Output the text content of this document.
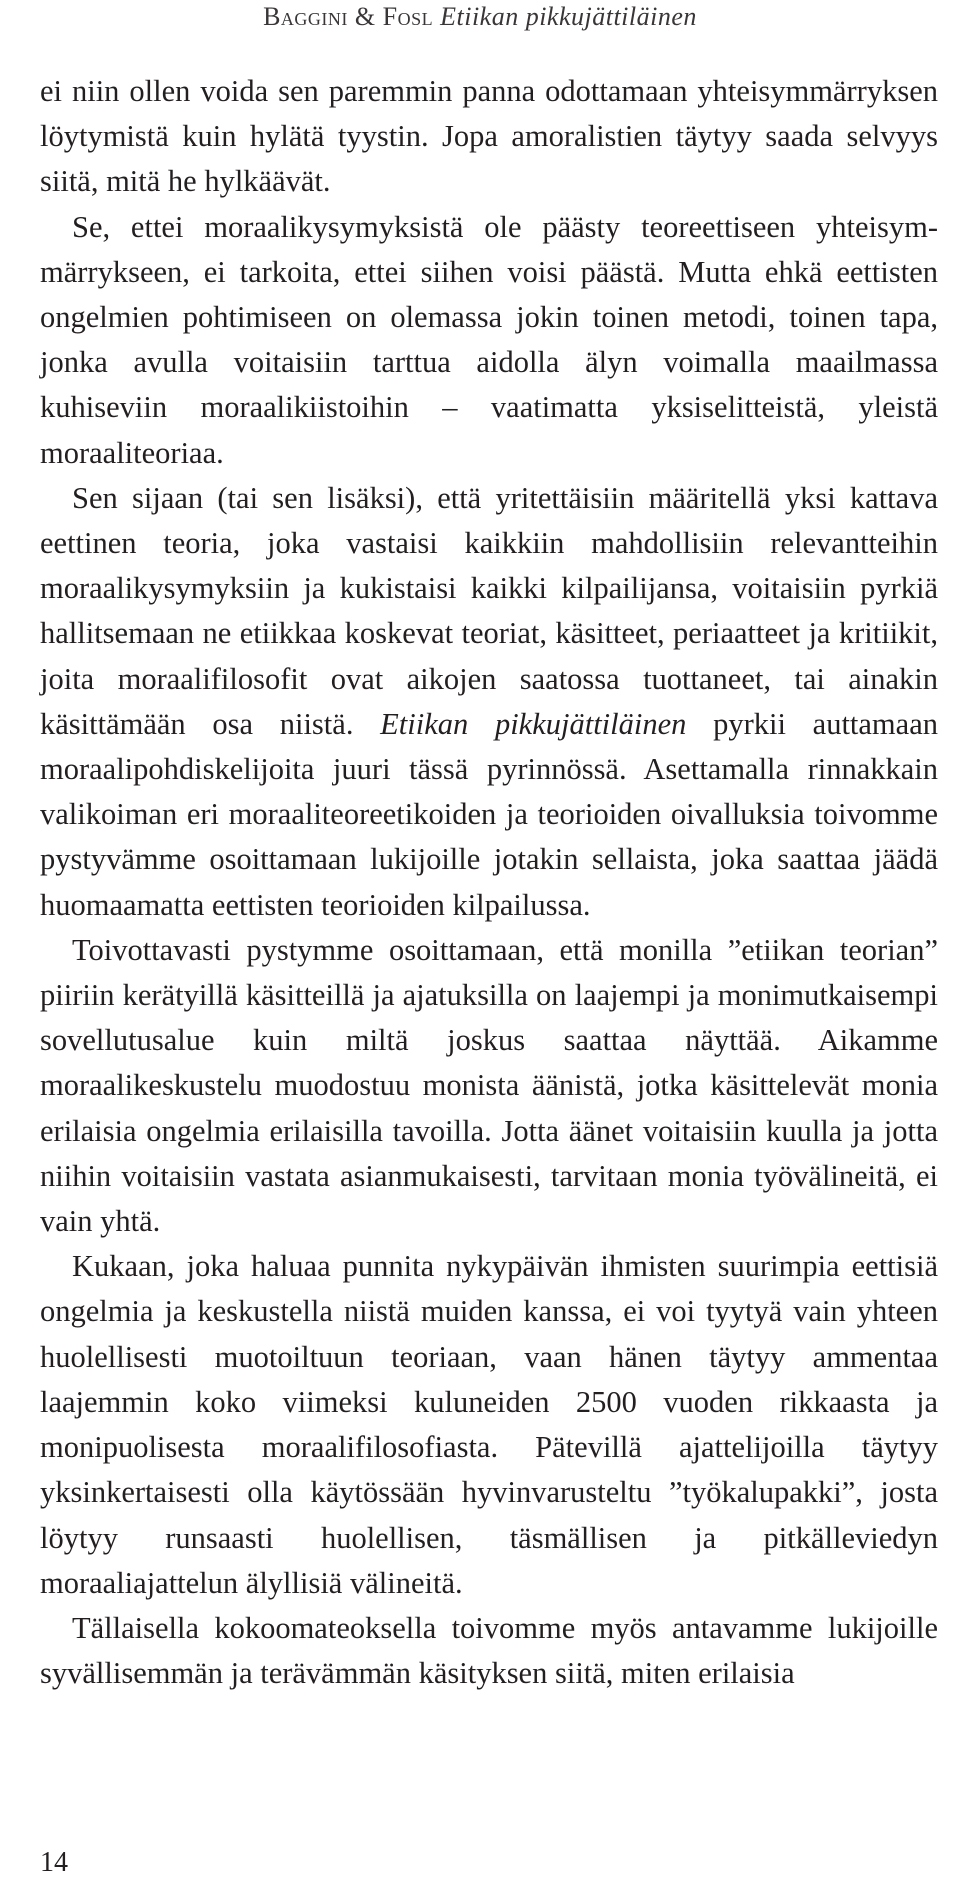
Baggini & Fosl Etiikan pikkujättiläinen

ei niin ollen voida sen paremmin panna odottamaan yhteisymmärryksen löytymistä kuin hylätä tyystin. Jopa amoralistien täytyy saada selvyys siitä, mitä he hylkäävät.

Se, ettei moraalikysymyksistä ole päästy teoreettiseen yhteisymmärrykseen, ei tarkoita, ettei siihen voisi päästä. Mutta ehkä eettisten ongelmien pohtimiseen on olemassa jokin toinen metodi, toinen tapa, jonka avulla voitaisiin tarttua aidolla älyn voimalla maailmassa kuhiseviin moraalikiistoihin – vaatimatta yksiselitteistä, yleistä moraaliteoriaa.

Sen sijaan (tai sen lisäksi), että yritettäisiin määritellä yksi kattava eettinen teoria, joka vastaisi kaikkiin mahdollisiin relevantteihin moraalikysymyksiin ja kukistaisi kaikki kilpailijansa, voitaisiin pyrkiä hallitsemaan ne etiikkaa koskevat teoriat, käsitteet, periaatteet ja kritiikit, joita moraalifilosofit ovat aikojen saatossa tuottaneet, tai ainakin käsittämään osa niistä. Etiikan pikkujättiläinen pyrkii auttamaan moraalipohdiskelijoita juuri tässä pyrinnössä. Asettamalla rinnakkain valikoiman eri moraaliteoreetikoiden ja teorioiden oivalluksia toivomme pystyvämme osoittamaan lukijoille jotakin sellaista, joka saattaa jäädä huomaamatta eettisten teorioiden kilpailussa.

Toivottavasti pystymme osoittamaan, että monilla ”etiikan teorian” piiriin kerätyillä käsitteillä ja ajatuksilla on laajempi ja monimutkaisempi sovellutusalue kuin miltä joskus saattaa näyttää. Aikamme moraalikeskustelu muodostuu monista äänistä, jotka käsittelevät monia erilaisia ongelmia erilaisilla tavoilla. Jotta äänet voitaisiin kuulla ja jotta niihin voitaisiin vastata asianmukaisesti, tarvitaan monia työvälineitä, ei vain yhtä.

Kukaan, joka haluaa punnita nykypäivän ihmisten suurimpia eettisiä ongelmia ja keskustella niistä muiden kanssa, ei voi tyytyä vain yhteen huolellisesti muotoiltuun teoriaan, vaan hänen täytyy ammentaa laajemmin koko viimeksi kuluneiden 2500 vuoden rikkaasta ja monipuolisesta moraalifilosofiasta. Pätevillä ajattelijoilla täytyy yksinkertaisesti olla käytössään hyvinvarusteltu ”työkalupakki”, josta löytyy runsaasti huolellisen, täsmällisen ja pitkälleviedyn moraaliajattelun älyllisiä välineitä.

Tällaisella kokoomateoksella toivomme myös antavamme lukijoille syvällisemmän ja terävämmän käsityksen siitä, miten erilaisia

14
